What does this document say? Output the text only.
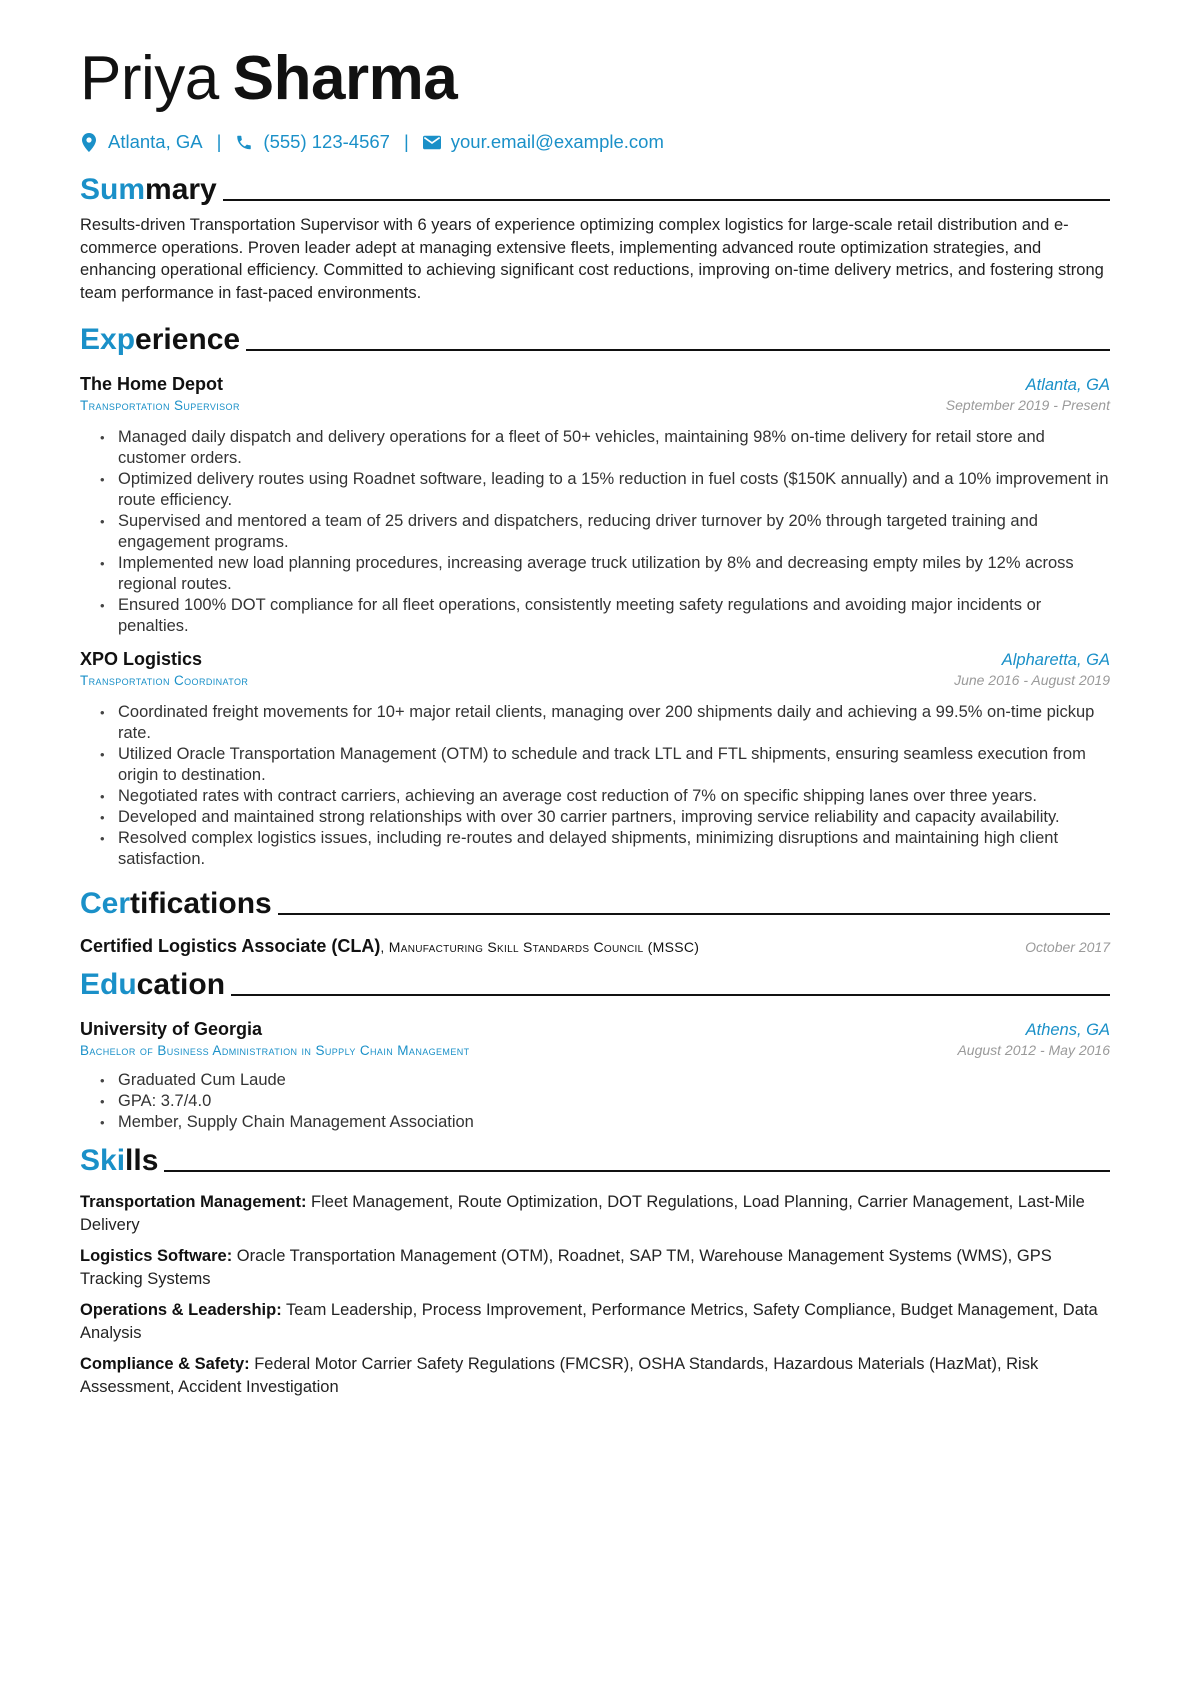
Priya Sharma
Atlanta, GA | (555) 123-4567 | your.email@example.com
Summary

Results-driven Transportation Supervisor with 6 years of experience optimizing complex logistics for large-scale retail distribution and e-commerce operations. Proven leader adept at managing extensive fleets, implementing advanced route optimization strategies, and enhancing operational efficiency. Committed to achieving significant cost reductions, improving on-time delivery metrics, and fostering strong team performance in fast-paced environments.

Experience
The Home Depot	Atlanta, GA
Transportation Supervisor	September 2019 - Present
• Managed daily dispatch and delivery operations for a fleet of 50+ vehicles, maintaining 98% on-time delivery for retail store and customer orders.
• Optimized delivery routes using Roadnet software, leading to a 15% reduction in fuel costs ($150K annually) and a 10% improvement in route efficiency.
• Supervised and mentored a team of 25 drivers and dispatchers, reducing driver turnover by 20% through targeted training and engagement programs.
• Implemented new load planning procedures, increasing average truck utilization by 8% and decreasing empty miles by 12% across regional routes.
• Ensured 100% DOT compliance for all fleet operations, consistently meeting safety regulations and avoiding major incidents or penalties.
XPO Logistics	Alpharetta, GA
Transportation Coordinator	June 2016 - August 2019
• Coordinated freight movements for 10+ major retail clients, managing over 200 shipments daily and achieving a 99.5% on-time pickup rate.
• Utilized Oracle Transportation Management (OTM) to schedule and track LTL and FTL shipments, ensuring seamless execution from origin to destination.
• Negotiated rates with contract carriers, achieving an average cost reduction of 7% on specific shipping lanes over three years.
• Developed and maintained strong relationships with over 30 carrier partners, improving service reliability and capacity availability.
• Resolved complex logistics issues, including re-routes and delayed shipments, minimizing disruptions and maintaining high client satisfaction.
Certifications
Certified Logistics Associate (CLA), Manufacturing Skill Standards Council (MSSC)	October 2017
Education
University of Georgia	Athens, GA
Bachelor of Business Administration in Supply Chain Management	August 2012 - May 2016
• Graduated Cum Laude
• GPA: 3.7/4.0
• Member, Supply Chain Management Association
Skills
Transportation Management: Fleet Management, Route Optimization, DOT Regulations, Load Planning, Carrier Management, Last-Mile Delivery
Logistics Software: Oracle Transportation Management (OTM), Roadnet, SAP TM, Warehouse Management Systems (WMS), GPS Tracking Systems
Operations & Leadership: Team Leadership, Process Improvement, Performance Metrics, Safety Compliance, Budget Management, Data Analysis
Compliance & Safety: Federal Motor Carrier Safety Regulations (FMCSR), OSHA Standards, Hazardous Materials (HazMat), Risk Assessment, Accident Investigation
